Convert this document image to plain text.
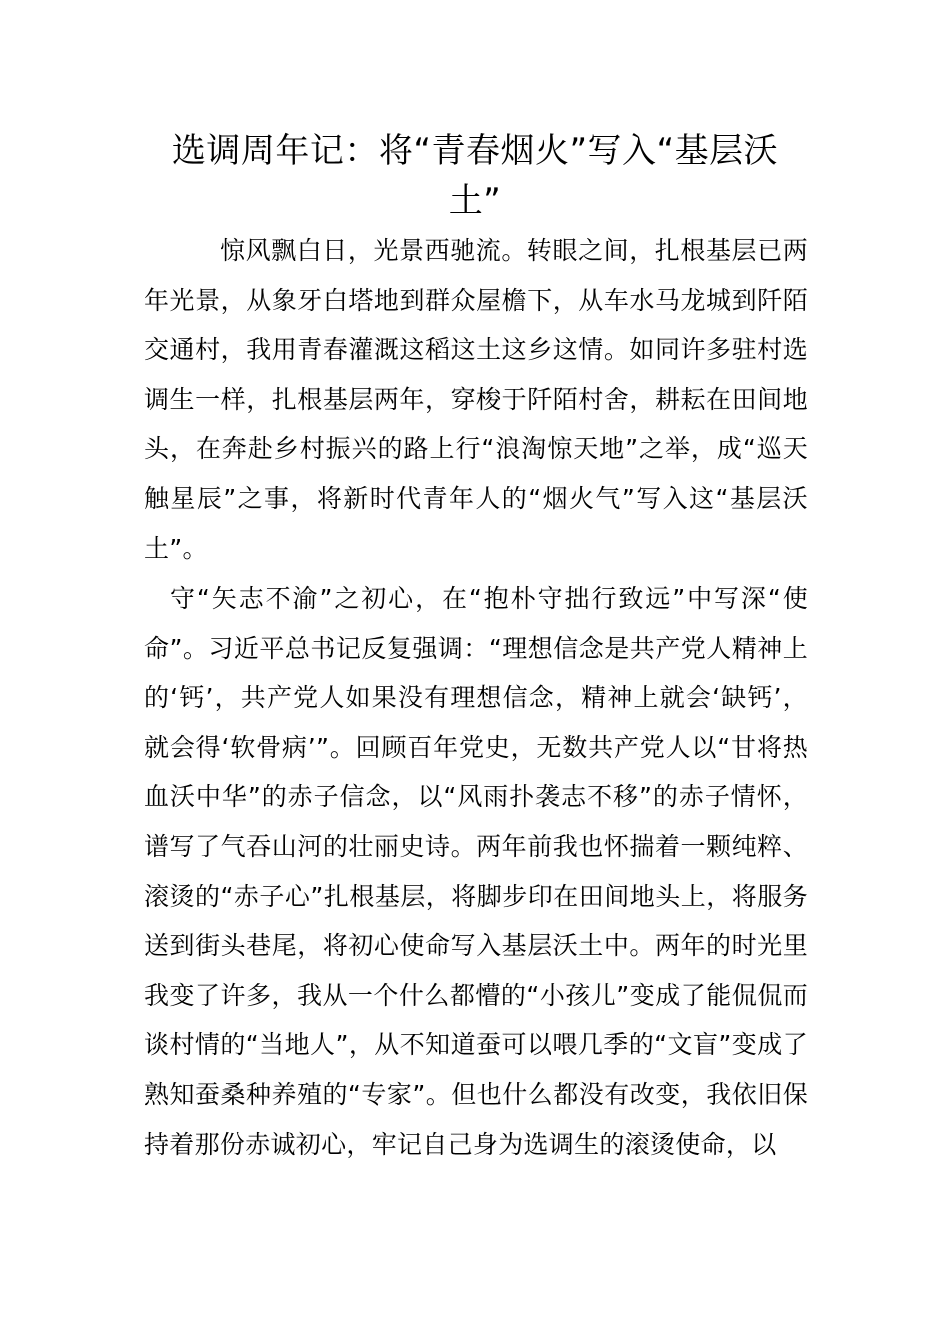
选调周年记：将“青春烟火”写入“基层沃土”

惊风飘白日，光景西驰流。转眼之间，扎根基层已两年光景，从象牙白塔地到群众屋檐下，从车水马龙城到阡陌交通村，我用青春灌溉这稻这土这乡这情。如同许多驻村选调生一样，扎根基层两年，穿梭于阡陌村舍，耕耘在田间地头，在奔赴乡村振兴的路上行“浪淘惊天地”之举，成“巡天触星辰”之事，将新时代青年人的“烟火气”写入这“基层沃土”。

守“矢志不渝”之初心，在“抱朴守拙行致远”中写深“使命”。习近平总书记反复强调：“理想信念是共产党人精神上的‘钙’，共产党人如果没有理想信念，精神上就会‘缺钙’，就会得‘软骨病’”。回顾百年党史，无数共产党人以“甘将热血沃中华”的赤子信念，以“风雨扑袭志不移”的赤子情怀，谱写了气吞山河的壮丽史诗。两年前我也怀揣着一颗纯粹、滚烫的“赤子心”扎根基层，将脚步印在田间地头上，将服务送到街头巷尾，将初心使命写入基层沃土中。两年的时光里我变了许多，我从一个什么都懵的“小孩儿”变成了能侃侃而谈村情的“当地人”，从不知道蚕可以喂几季的“文盲”变成了熟知蚕桑种养殖的“专家”。但也什么都没有改变，我依旧保持着那份赤诚初心，牢记自己身为选调生的滚烫使命，以
